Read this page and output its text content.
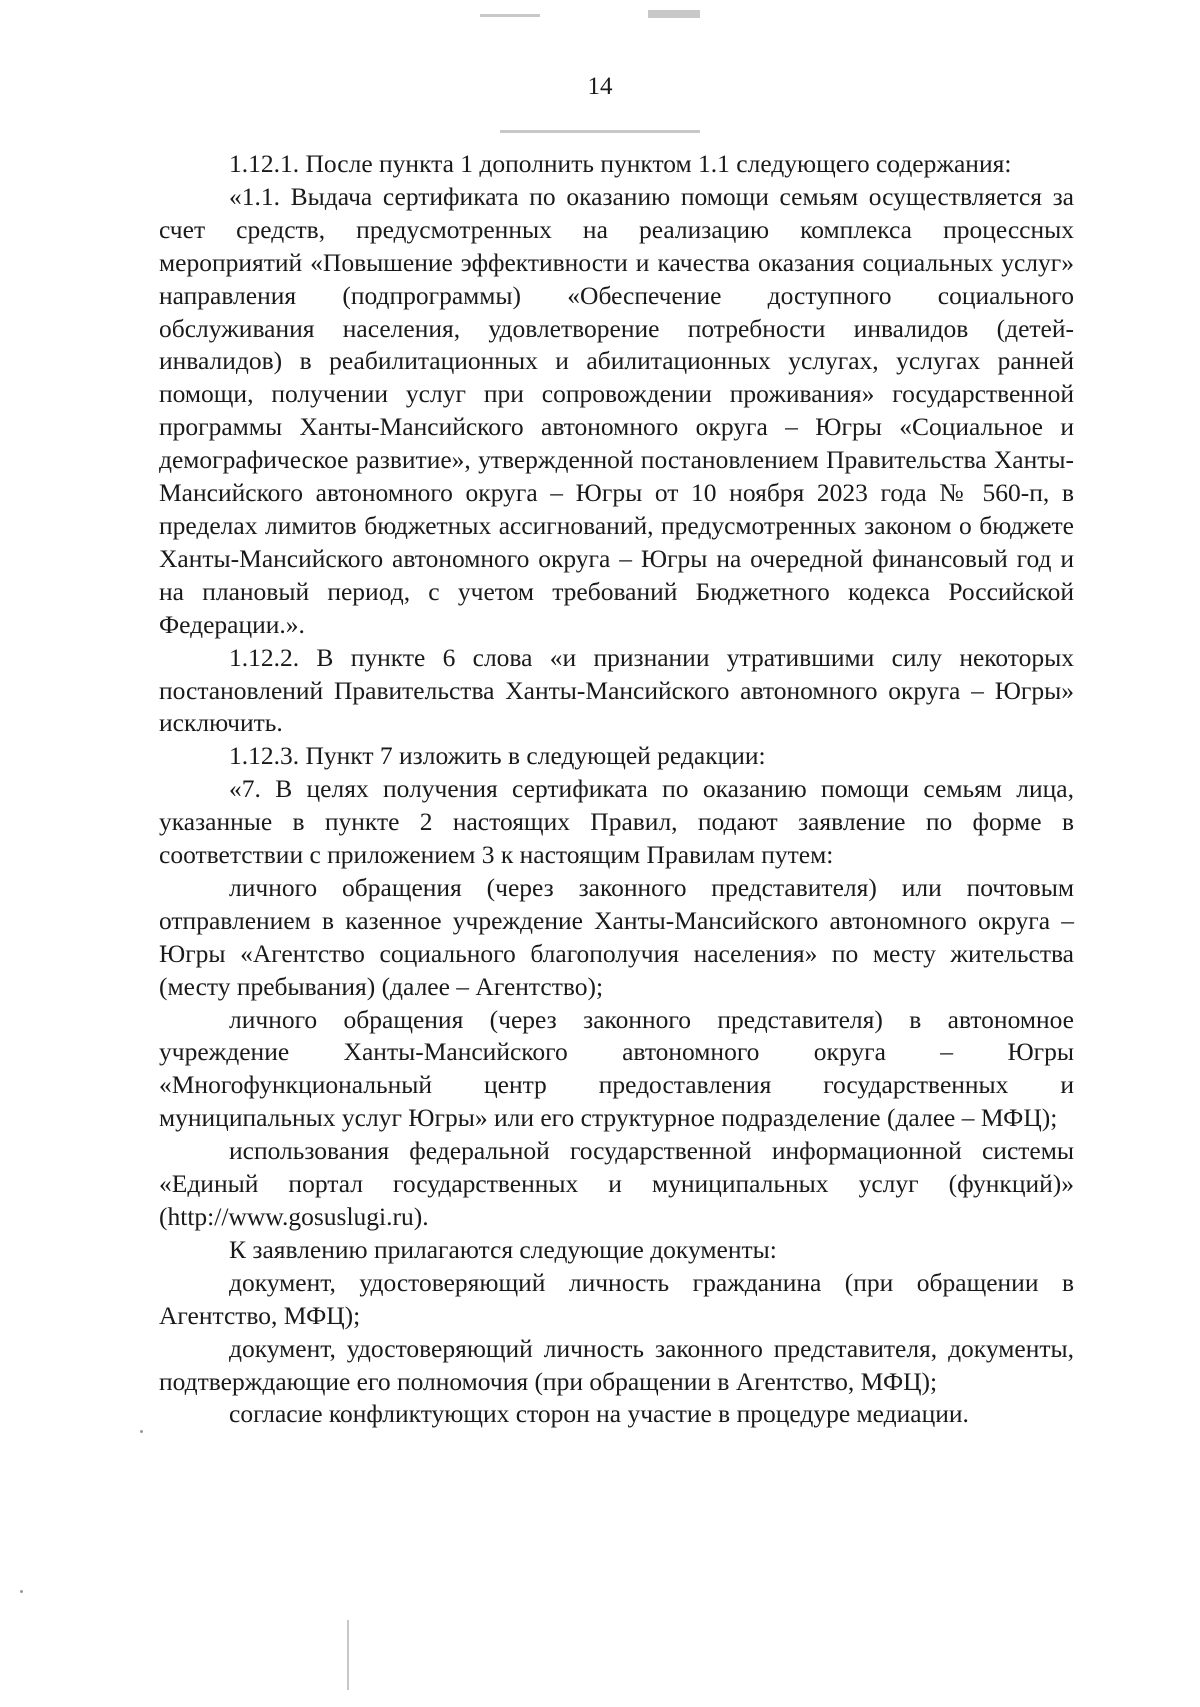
14

1.12.1. После пункта 1 дополнить пунктом 1.1 следующего содержания:

«1.1. Выдача сертификата по оказанию помощи семьям осуществляется за счет средств, предусмотренных на реализацию комплекса процессных мероприятий «Повышение эффективности и качества оказания социальных услуг» направления (подпрограммы) «Обеспечение доступного социального обслуживания населения, удовлетворение потребности инвалидов (детей-инвалидов) в реабилитационных и абилитационных услугах, услугах ранней помощи, получении услуг при сопровождении проживания» государственной программы Ханты-Мансийского автономного округа – Югры «Социальное и демографическое развитие», утвержденной постановлением Правительства Ханты-Мансийского автономного округа – Югры от 10 ноября 2023 года № 560-п, в пределах лимитов бюджетных ассигнований, предусмотренных законом о бюджете Ханты-Мансийского автономного округа – Югры на очередной финансовый год и на плановый период, с учетом требований Бюджетного кодекса Российской Федерации.».

1.12.2. В пункте 6 слова «и признании утратившими силу некоторых постановлений Правительства Ханты-Мансийского автономного округа – Югры» исключить.

1.12.3. Пункт 7 изложить в следующей редакции:

«7. В целях получения сертификата по оказанию помощи семьям лица, указанные в пункте 2 настоящих Правил, подают заявление по форме в соответствии с приложением 3 к настоящим Правилам путем:

личного обращения (через законного представителя) или почтовым отправлением в казенное учреждение Ханты-Мансийского автономного округа – Югры «Агентство социального благополучия населения» по месту жительства (месту пребывания) (далее – Агентство);

личного обращения (через законного представителя) в автономное учреждение Ханты-Мансийского автономного округа – Югры «Многофункциональный центр предоставления государственных и муниципальных услуг Югры» или его структурное подразделение (далее – МФЦ);

использования федеральной государственной информационной системы «Единый портал государственных и муниципальных услуг (функций)» (http://www.gosuslugi.ru).

К заявлению прилагаются следующие документы:

документ, удостоверяющий личность гражданина (при обращении в Агентство, МФЦ);

документ, удостоверяющий личность законного представителя, документы, подтверждающие его полномочия (при обращении в Агентство, МФЦ);

согласие конфликтующих сторон на участие в процедуре медиации.
